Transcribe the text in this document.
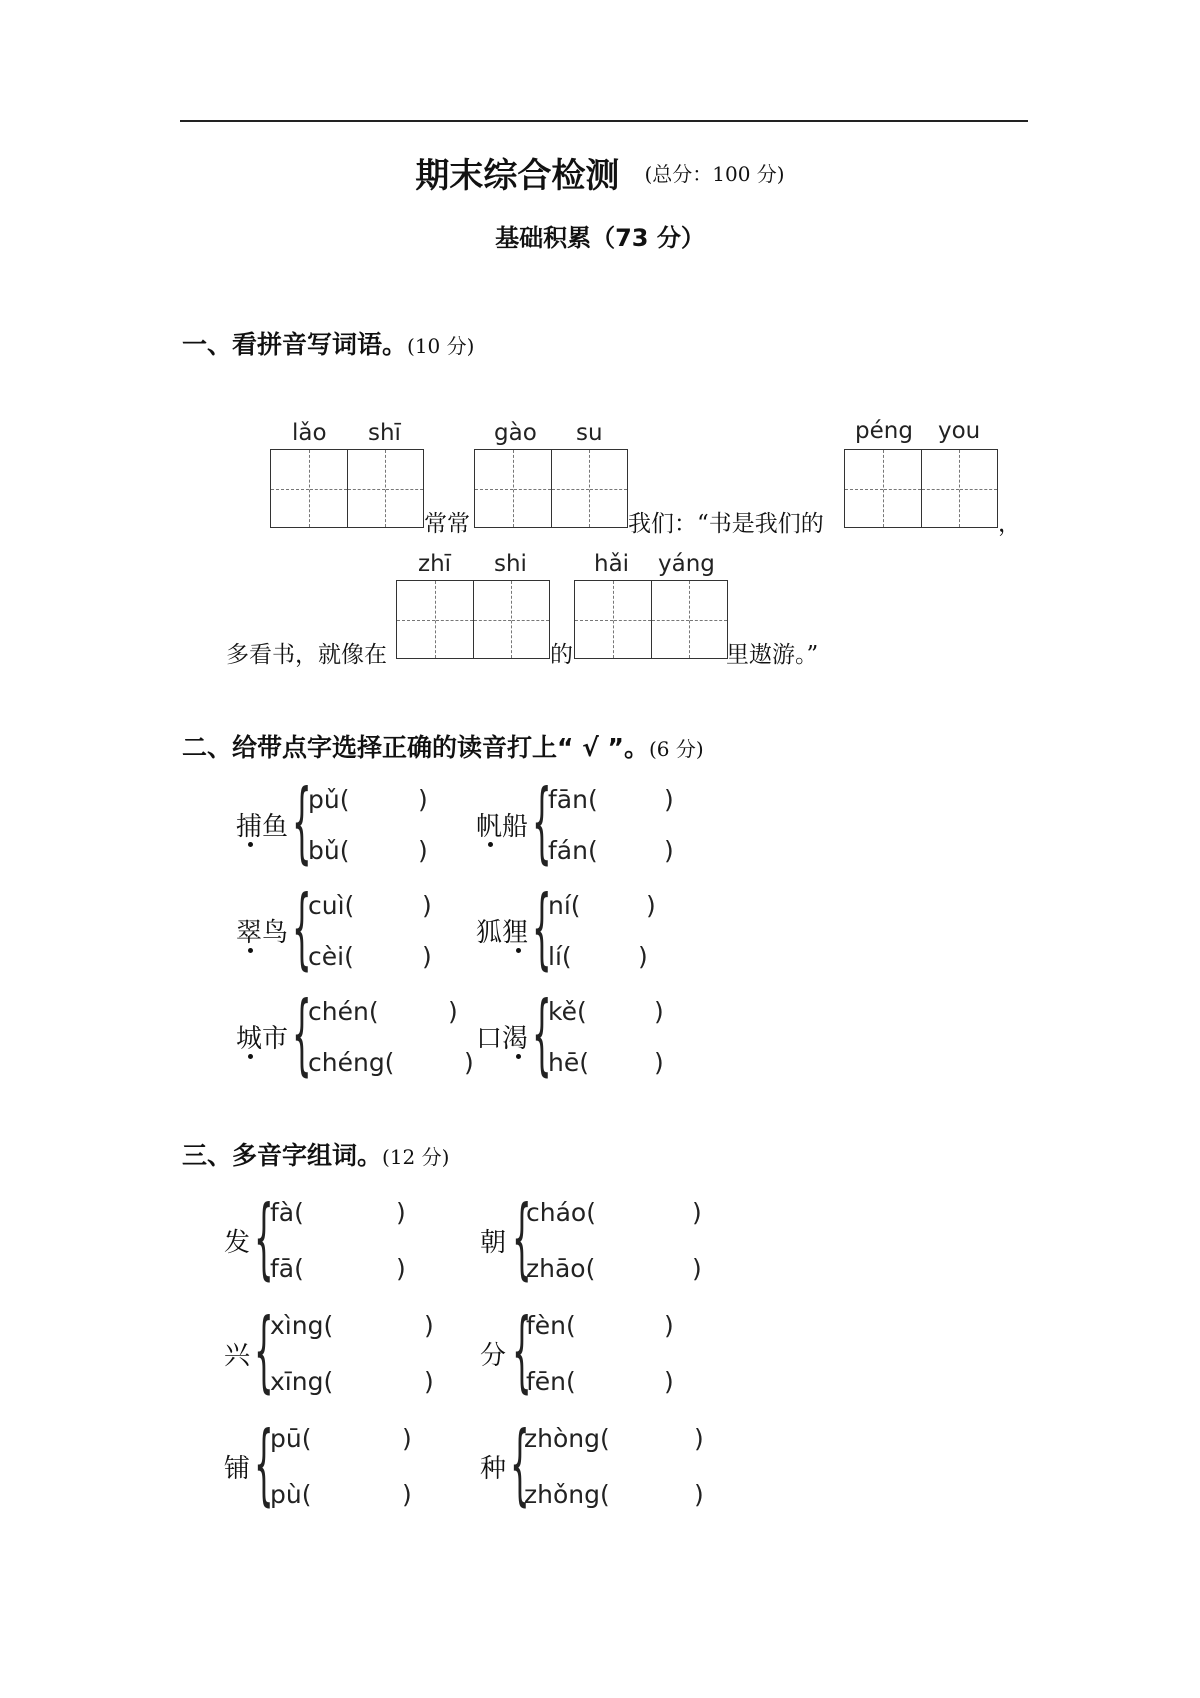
期末综合检测 (总分：100 分)
基础积累（73 分）
一、看拼音写词语。(10 分)
lǎo shī	gào su	péng you
常常	我们：“书是我们的	，
zhī shi	hǎi yáng
多看书，就像在	的	里遨游。”
二、给带点字选择正确的读音打上“ √ ”。(6 分)
捕鱼 {
pǔ(	)
bǔ(	)
帆船 {
fān(	)
fán(	)
翠鸟 {
cuì(	)
cèi(	)
狐狸 {
ní(	)
lí(	)
城市 {
chén(	)
chéng(	)
口渴 {
kě(	)
hē(	)
三、多音字组词。(12 分)
发 {
fà(	)
fā(	)
朝 {
cháo(	)
zhāo(	)
兴 {
xìng(	)
xīng(	)
分 {
fèn(	)
fēn(	)
铺 {
pū(	)
pù(	)
种 {
zhòng(	)
zhǒng(	)
